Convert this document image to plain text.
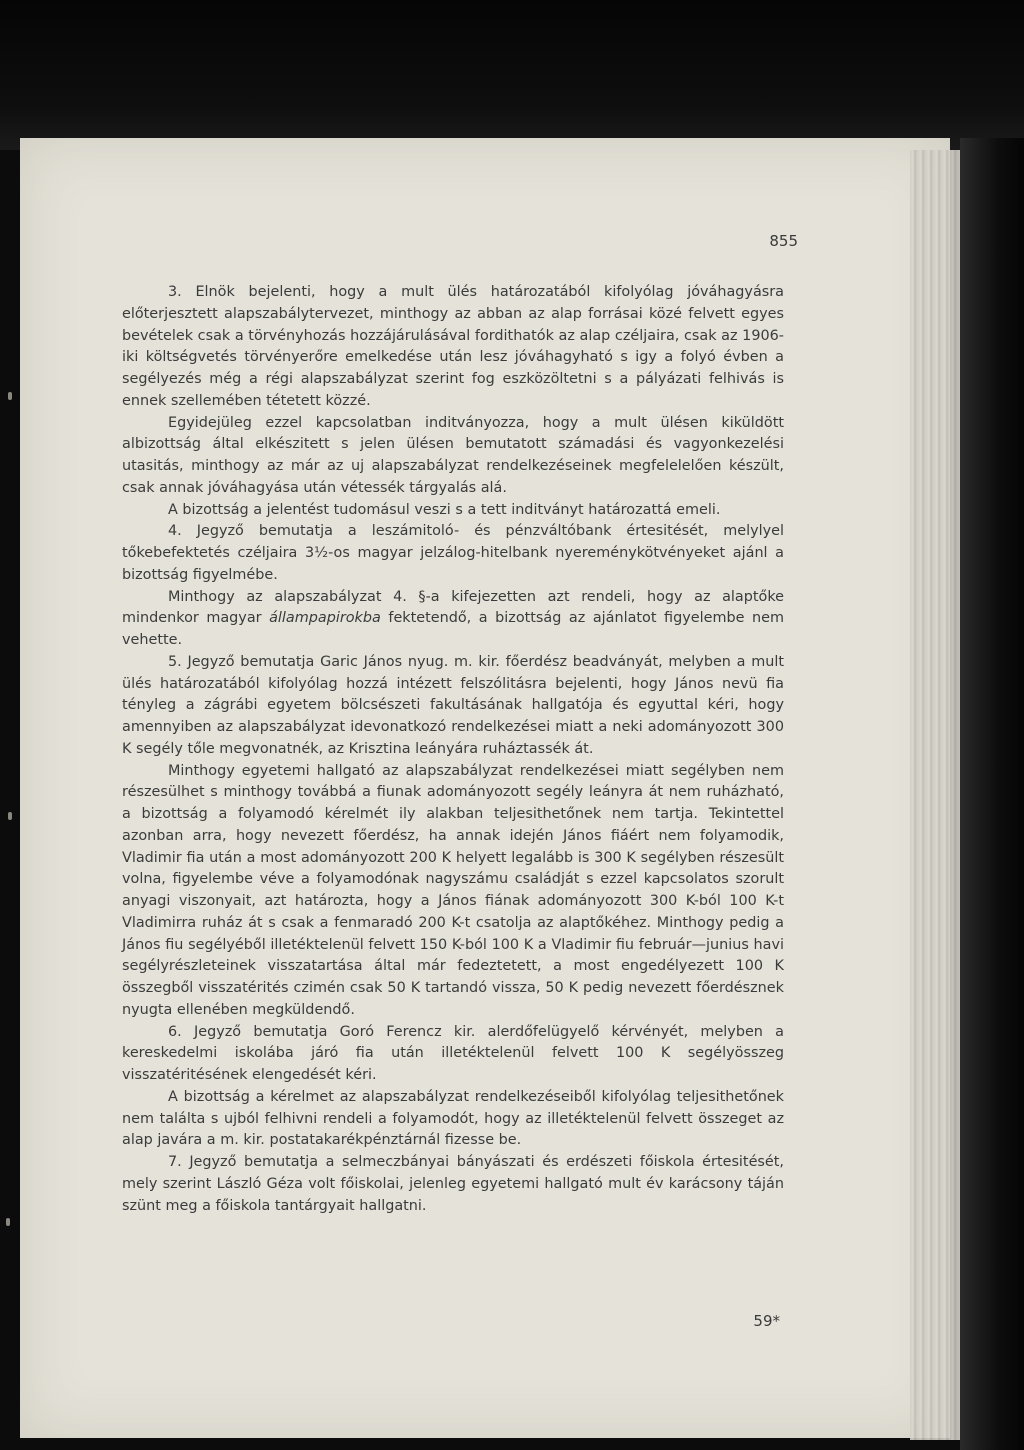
855

3. Elnök bejelenti, hogy a mult ülés határozatából kifolyólag jóváhagyásra előterjesztett alapszabálytervezet, minthogy az abban az alap forrásai közé felvett egyes bevételek csak a törvényhozás hozzájárulásával fordithatók az alap czéljaira, csak az 1906-iki költségvetés törvényerőre emelkedése után lesz jóváhagyható s igy a folyó évben a segélyezés még a régi alapszabályzat szerint fog eszközöltetni s a pályázati felhivás is ennek szellemében tétetett közzé.

Egyidejüleg ezzel kapcsolatban inditványozza, hogy a mult ülésen kiküldött albizottság által elkészitett s jelen ülésen bemutatott számadási és vagyonkezelési utasitás, minthogy az már az uj alapszabályzat rendelkezéseinek megfelelelően készült, csak annak jóváhagyása után vétessék tárgyalás alá.

A bizottság a jelentést tudomásul veszi s a tett inditványt határozattá emeli.

4. Jegyző bemutatja a leszámitoló- és pénzváltóbank értesitését, melylyel tőkebefektetés czéljaira 3½-os magyar jelzálog-hitelbank nyereménykötvényeket ajánl a bizottság figyelmébe.

Minthogy az alapszabályzat 4. §-a kifejezetten azt rendeli, hogy az alaptőke mindenkor magyar állampapirokba fektetendő, a bizottság az ajánlatot figyelembe nem vehette.

5. Jegyző bemutatja Garic János nyug. m. kir. főerdész beadványát, melyben a mult ülés határozatából kifolyólag hozzá intézett felszólitásra bejelenti, hogy János nevü fia tényleg a zágrábi egyetem bölcsészeti fakultásának hallgatója és egyuttal kéri, hogy amennyiben az alapszabályzat idevonatkozó rendelkezései miatt a neki adományozott 300 K segély tőle megvonatnék, az Krisztina leányára ruháztassék át.

Minthogy egyetemi hallgató az alapszabályzat rendelkezései miatt segélyben nem részesülhet s minthogy továbbá a fiunak adományozott segély leányra át nem ruházható, a bizottság a folyamodó kérelmét ily alakban teljesithetőnek nem tartja. Tekintettel azonban arra, hogy nevezett főerdész, ha annak idején János fiáért nem folyamodik, Vladimir fia után a most adományozott 200 K helyett legalább is 300 K segélyben részesült volna, figyelembe véve a folyamodónak nagyszámu családját s ezzel kapcsolatos szorult anyagi viszonyait, azt határozta, hogy a János fiának adományozott 300 K-ból 100 K-t Vladimirra ruház át s csak a fenmaradó 200 K-t csatolja az alaptőkéhez. Minthogy pedig a János fiu segélyéből illetéktelenül felvett 150 K-ból 100 K a Vladimir fiu február—junius havi segélyrészleteinek visszatartása által már fedeztetett, a most engedélyezett 100 K összegből visszatérités czimén csak 50 K tartandó vissza, 50 K pedig nevezett főerdésznek nyugta ellenében megküldendő.

6. Jegyző bemutatja Goró Ferencz kir. alerdőfelügyelő kérvényét, melyben a kereskedelmi iskolába járó fia után illetéktelenül felvett 100 K segélyösszeg visszatéritésének elengedését kéri.

A bizottság a kérelmet az alapszabályzat rendelkezéseiből kifolyólag teljesithetőnek nem találta s ujból felhivni rendeli a folyamodót, hogy az illetéktelenül felvett összeget az alap javára a m. kir. postatakarékpénztárnál fizesse be.

7. Jegyző bemutatja a selmeczbányai bányászati és erdészeti főiskola értesitését, mely szerint László Géza volt főiskolai, jelenleg egyetemi hallgató mult év karácsony táján szünt meg a főiskola tantárgyait hallgatni.

59*
